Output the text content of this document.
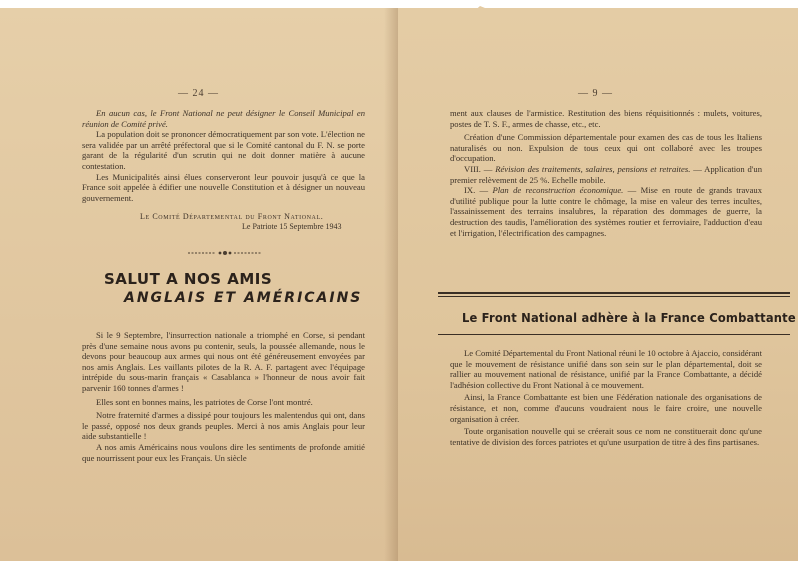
— 24 —

En aucun cas, le Front National ne peut désigner le Conseil Municipal en réunion de Comité privé.

La population doit se prononcer démocratiquement par son vote. L'élection ne sera validée par un arrêté préfectoral que si le Comité cantonal du F. N. se porte garant de la régularité d'un scrutin qui ne doit donner matière à aucune contestation.

Les Municipalités ainsi élues conserveront leur pouvoir jusqu'à ce que la France soit appelée à édifier une nouvelle Constitution et à désigner un nouveau gouvernement.

Le Comité Départemental du Front National.
Le Patriote 15 Septembre 1943
SALUT A NOS AMIS
ANGLAIS ET AMÉRICAINS

Si le 9 Septembre, l'insurrection nationale a triomphé en Corse, si pendant près d'une semaine nous avons pu contenir, seuls, la poussée allemande, nous le devons pour beaucoup aux armes qui nous ont été généreusement envoyées par nos amis Anglais. Les vaillants pilotes de la R. A. F. partagent avec l'équipage intrépide du sous-marin français « Casablanca » l'honneur de nous avoir fait parvenir 160 tonnes d'armes !

Elles sont en bonnes mains, les patriotes de Corse l'ont montré.

Notre fraternité d'armes a dissipé pour toujours les malentendus qui ont, dans le passé, opposé nos deux grands peuples. Merci à nos amis Anglais pour leur aide substantielle !

A nos amis Américains nous voulons dire les sentiments de profonde amitié que nourrissent pour eux les Français. Un siècle

— 9 —

ment aux clauses de l'armistice. Restitution des biens réquisitionnés : mulets, voitures, postes de T. S. F., armes de chasse, etc., etc.

Création d'une Commission départementale pour examen des cas de tous les Italiens naturalisés ou non. Expulsion de tous ceux qui ont collaboré avec les troupes d'occupation.

VIII. — Révision des traitements, salaires, pensions et retraites. — Application d'un premier relèvement de 25 %. Echelle mobile.

IX. — Plan de reconstruction économique. — Mise en route de grands travaux d'utilité publique pour la lutte contre le chômage, la mise en valeur des terres incultes, l'assainissement des terrains insalubres, la réparation des dommages de guerre, la destruction des taudis, l'amélioration des systèmes routier et ferroviaire, l'adduction d'eau et l'irrigation, l'électrification des campagnes.

Le Front National adhère à la France Combattante

Le Comité Départemental du Front National réuni le 10 octobre à Ajaccio, considérant que le mouvement de résistance unifié dans son sein sur le plan départemental, doit se rallier au mouvement national de résistance, unifié par la France Combattante, a décidé l'adhésion collective du Front National à ce mouvement.

Ainsi, la France Combattante est bien une Fédération nationale des organisations de résistance, et non, comme d'aucuns voudraient nous le faire croire, une nouvelle organisation à créer.

Toute organisation nouvelle qui se créerait sous ce nom ne constituerait donc qu'une tentative de division des forces patriotes et qu'une usurpation de titre à des fins partisanes.
